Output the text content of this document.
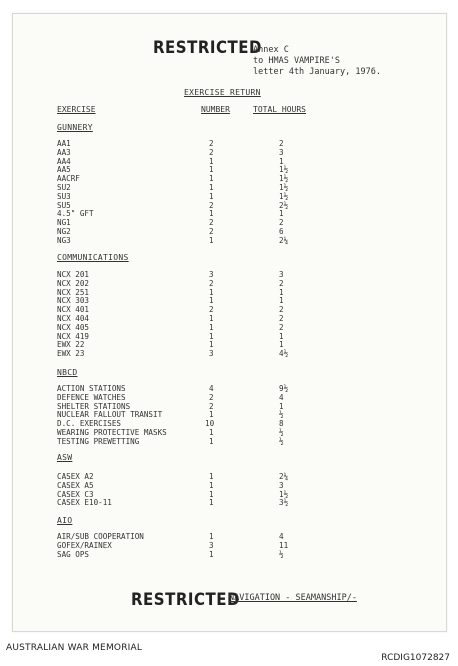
RESTRICTED
Annex C
to HMAS VAMPIRE'S
letter 4th January, 1976.
EXERCISE RETURN
EXERCISE	NUMBER	TOTAL HOURS
GUNNERY
AA1	2	2
AA3	2	3
AA4	1	1
AA5	1	1½
AACRF	1	1½
SU2	1	1½
SU3	1	1½
SU5	2	2½
4.5" GFT	1	1
NG1	2	2
NG2	2	6
NG3	1	2¼
COMMUNICATIONS
NCX 201	3	3
NCX 202	2	2
NCX 251	1	1
NCX 303	1	1
NCX 401	2	2
NCX 404	1	2
NCX 405	1	2
NCX 419	1	1
EWX 22	1	1
EWX 23	3	4½
NBCD
ACTION STATIONS	4	9½
DEFENCE WATCHES	2	4
SHELTER STATIONS	2	1
NUCLEAR FALLOUT TRANSIT	1	½
D.C. EXERCISES	10	8
WEARING PROTECTIVE MASKS	1	½
TESTING PREWETTING	1	½
ASW
CASEX A2	1	2¼
CASEX A5	1	3
CASEX C3	1	1½
CASEX E10-11	1	3½
AIO
AIR/SUB COOPERATION	1	4
GOFEX/RAINEX	3	11
SAG OPS	1	½
RESTRICTED
NAVIGATION - SEAMANSHIP/-
AUSTRALIAN WAR MEMORIAL
RCDIG1072827
